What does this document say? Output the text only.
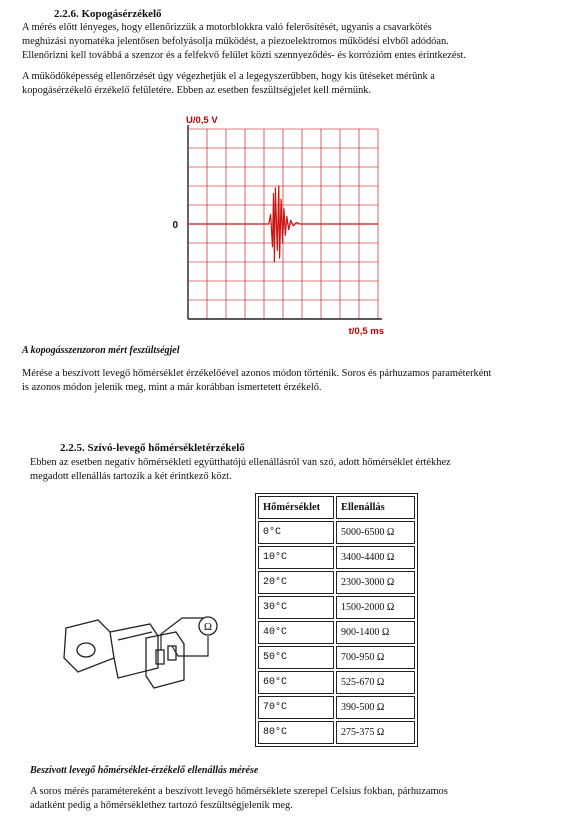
2.2.6. Kopogásérzékelő
A mérés előtt lényeges, hogy ellenőrizzük a motorblokkra való felerősítését, ugyanis a csavarkötés
meghúzási nyomatéka jelentősen befolyásolja működést, a piezoelektromos működési elvből adódóan.
Ellenőrizni kell továbbá a szenzor és a felfekvő felület közti szennyeződés- és korrózióm entes érintkezést.
A működőképesség ellenőrzését úgy végezhetjük el a legegyszerűbben, hogy kis ütéseket mérünk a
kopogásérzékelő érzékelő felületére. Ebben az esetben feszültségjelet kell mérnünk.
U/0,5 V
t/0,5 ms
0
A kopogásszenzoron mért feszültségjel
Mérése a beszívott levegő hőmérséklet érzékelőével azonos módon történik. Soros és párhuzamos paraméterként
is azonos módon jelenik meg, mint a már korábban ismertetett érzékelő.
2.2.5. Szívó-levegő hőmérsékletérzékelő
Ebben az esetben negatív hőmérsékleti együtthatójú ellenállásról van szó, adott hőmérséklet értékhez
megadott ellenállás tartozik a két érintkező közt.
Hőmérséklet	Ellenállás
0°C	5000-6500 Ω
10°C	3400-4400 Ω
20°C	2300-3000 Ω
30°C	1500-2000 Ω
40°C	900-1400 Ω
50°C	700-950 Ω
60°C	525-670 Ω
70°C	390-500 Ω
80°C	275-375 Ω
Ω
Beszívott levegő hőmérséklet-érzékelő ellenállás mérése
A soros mérés paramétereként a beszívott levegő hőmérséklete szerepel Celsius fokban, párhuzamos
adatként pedig a hőmérséklethez tartozó feszültségjelenik meg.
